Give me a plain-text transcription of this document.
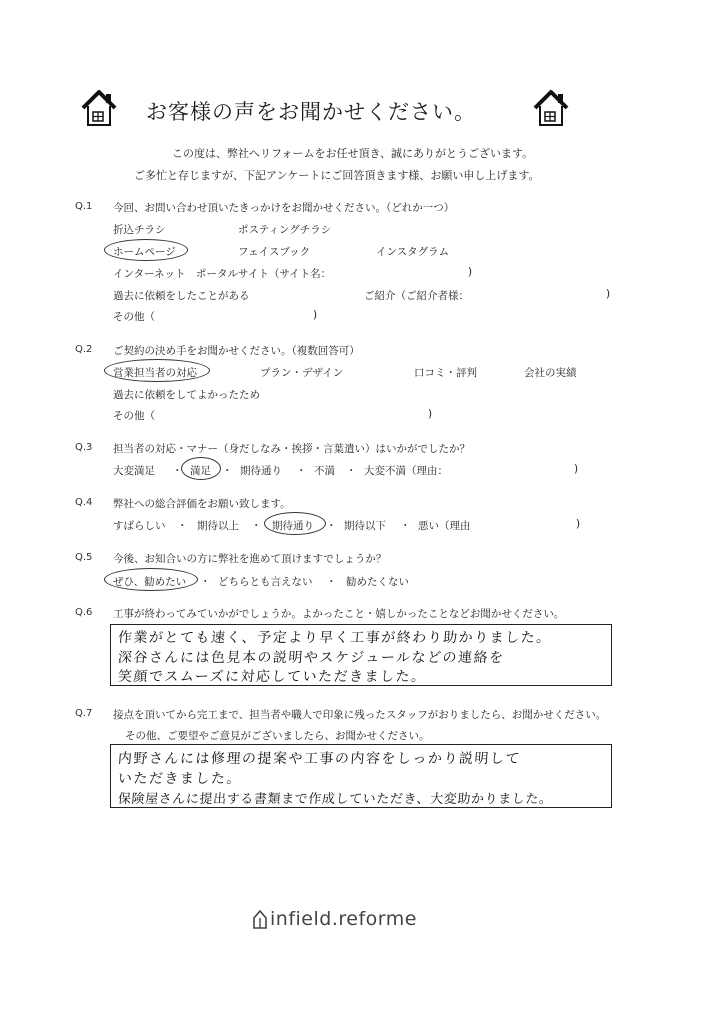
お客様の声をお聞かせください。
この度は、弊社へリフォームをお任せ頂き、誠にありがとうございます。
ご多忙と存じますが、下記アンケートにご回答頂きます様、お願い申し上げます。
Q.1 今回、お問い合わせ頂いたきっかけをお聞かせください。（どれか一つ）
折込チラシ	ポスティングチラシ
ホームページ	フェイスブック	インスタグラム
インターネット　ポータルサイト（サイト名：	)
過去に依頼をしたことがある	ご紹介（ご紹介者様：	)
その他（	)
Q.2 ご契約の決め手をお聞かせください。（複数回答可）
営業担当者の対応	プラン・デザイン	口コミ・評判	会社の実績
過去に依頼をしてよかったため
その他（	)
Q.3 担当者の対応・マナー（身だしなみ・挨拶・言葉遣い）はいかがでしたか？
大変満足 ・ 満足 ・ 期待通り ・ 不満 ・ 大変不満（理由：	)
Q.4 弊社への総合評価をお願い致します。
すばらしい ・ 期待以上 ・ 期待通り ・ 期待以下 ・ 悪い（理由	)
Q.5 今後、お知合いの方に弊社を進めて頂けますでしょうか？
ぜひ、勧めたい ・ どちらとも言えない ・ 勧めたくない
Q.6 工事が終わってみていかがでしょうか。よかったこと・嬉しかったことなどお聞かせください。
作業がとても速く、予定より早く工事が終わり助かりました。
深谷さんには色見本の説明やスケジュールなどの連絡を
笑顔でスムーズに対応していただきました。
Q.7 接点を頂いてから完工まで、担当者や職人で印象に残ったスタッフがおりましたら、お聞かせください。
その他、ご要望やご意見がございましたら、お聞かせください。
内野さんには修理の提案や工事の内容をしっかり説明して
いただきました。
保険屋さんに提出する書類まで作成していただき、大変助かりました。
infield.reforme
